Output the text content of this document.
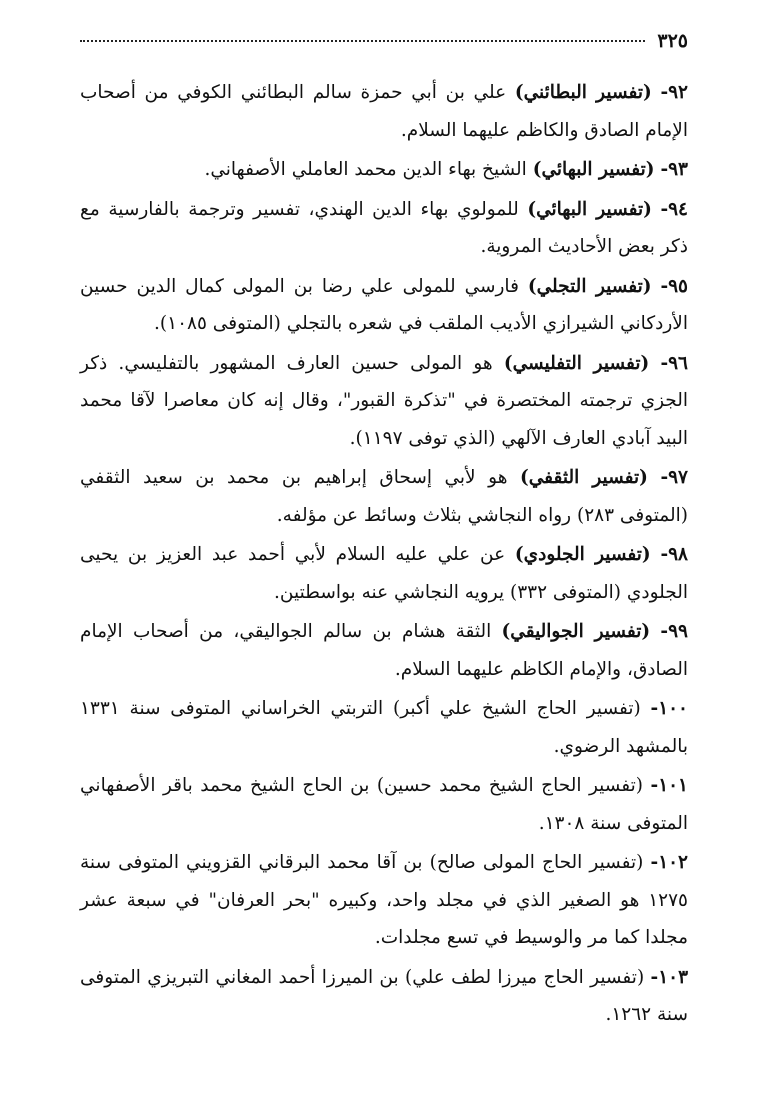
٣٢٥

٩٢- (تفسير البطائني) علي بن أبي حمزة سالم البطائني الكوفي من أصحاب الإمام الصادق والكاظم عليهما السلام.

٩٣- (تفسير البهائي) الشيخ بهاء الدين محمد العاملي الأصفهاني.

٩٤- (تفسير البهائي) للمولوي بهاء الدين الهندي، تفسير وترجمة بالفارسية مع ذكر بعض الأحاديث المروية.

٩٥- (تفسير التجلي) فارسي للمولى علي رضا بن المولى كمال الدين حسين الأردكاني الشيرازي الأديب الملقب في شعره بالتجلي (المتوفى ١٠٨٥).

٩٦- (تفسير التفليسي) هو المولى حسين العارف المشهور بالتفليسي. ذكر الجزي ترجمته المختصرة في "تذكرة القبور"، وقال إنه كان معاصرا لآقا محمد البيد آبادي العارف الآلهي (الذي توفى ١١٩٧).

٩٧- (تفسير الثقفي) هو لأبي إسحاق إبراهيم بن محمد بن سعيد الثقفي (المتوفى ٢٨٣) رواه النجاشي بثلاث وسائط عن مؤلفه.

٩٨- (تفسير الجلودي) عن علي عليه السلام لأبي أحمد عبد العزيز بن يحيى الجلودي (المتوفى ٣٣٢) يرويه النجاشي عنه بواسطتين.

٩٩- (تفسير الجواليقي) الثقة هشام بن سالم الجواليقي، من أصحاب الإمام الصادق، والإمام الكاظم عليهما السلام.

١٠٠- (تفسير الحاج الشيخ علي أكبر) التربتي الخراساني المتوفى سنة ١٣٣١ بالمشهد الرضوي.

١٠١- (تفسير الحاج الشيخ محمد حسين) بن الحاج الشيخ محمد باقر الأصفهاني المتوفى سنة ١٣٠٨.

١٠٢- (تفسير الحاج المولى صالح) بن آقا محمد البرقاني القزويني المتوفى سنة ١٢٧٥ هو الصغير الذي في مجلد واحد، وكبيره "بحر العرفان" في سبعة عشر مجلدا كما مر والوسيط في تسع مجلدات.

١٠٣- (تفسير الحاج ميرزا لطف علي) بن الميرزا أحمد المغاني التبريزي المتوفى سنة ١٢٦٢.
